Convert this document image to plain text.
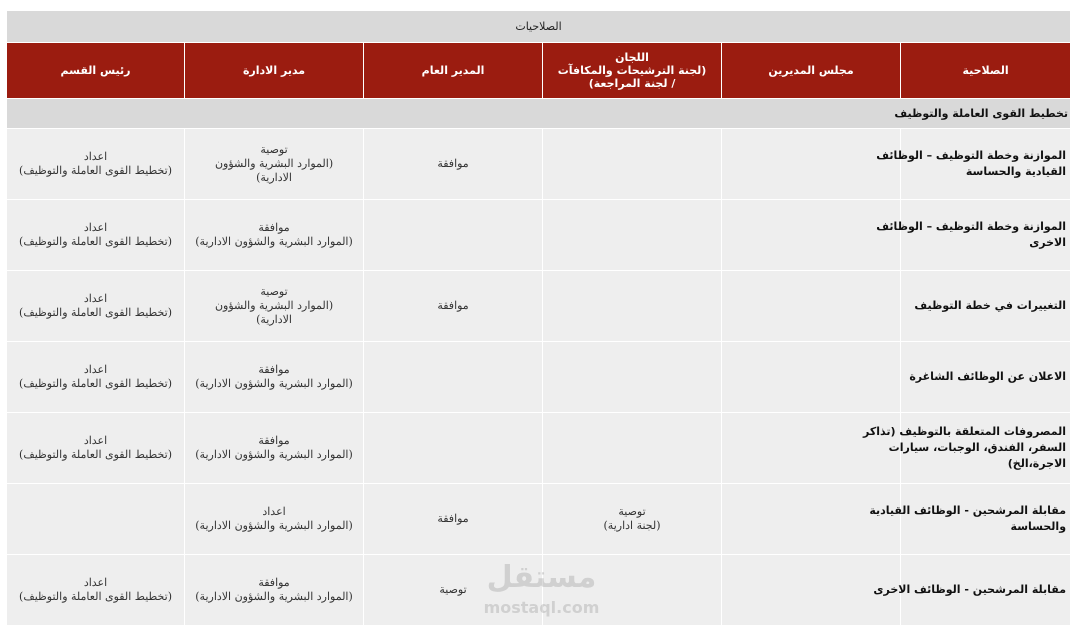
الصلاحيات					
الصلاحية	مجلس المديرين	اللجان
(لجنة الترشيحات والمكافآت
/ لجنة المراجعة)	المدير العام	مدير الادارة	رئيس القسم
تخطيط القوى العاملة والتوظيف					

الموازنة وخطة التوظيف – الوظائف
القيادية والحساسة			موافقة	توصية
(الموارد البشرية والشؤون
الادارية)	اعداد
(تخطيط القوى العاملة والتوظيف)

الموازنة وخطة التوظيف – الوظائف
الاخرى				موافقة
(الموارد البشرية والشؤون الادارية)	اعداد
(تخطيط القوى العاملة والتوظيف)

التغييرات في خطة التوظيف			موافقة	توصية
(الموارد البشرية والشؤون
الادارية)	اعداد
(تخطيط القوى العاملة والتوظيف)

الاعلان عن الوظائف الشاغرة				موافقة
(الموارد البشرية والشؤون الادارية)	اعداد
(تخطيط القوى العاملة والتوظيف)

المصروفات المتعلقة بالتوظيف (تذاكر
السفر، الفندق، الوجبات، سيارات
الاجرة،الخ)				موافقة
(الموارد البشرية والشؤون الادارية)	اعداد
(تخطيط القوى العاملة والتوظيف)

مقابلة المرشحين - الوظائف القيادية
والحساسة		توصية
(لجنة ادارية)	موافقة	اعداد
(الموارد البشرية والشؤون الادارية)	

مقابلة المرشحين - الوظائف الاخرى			توصية	موافقة
(الموارد البشرية والشؤون الادارية)	اعداد
(تخطيط القوى العاملة والتوظيف)
مستقل
mostaql.com
